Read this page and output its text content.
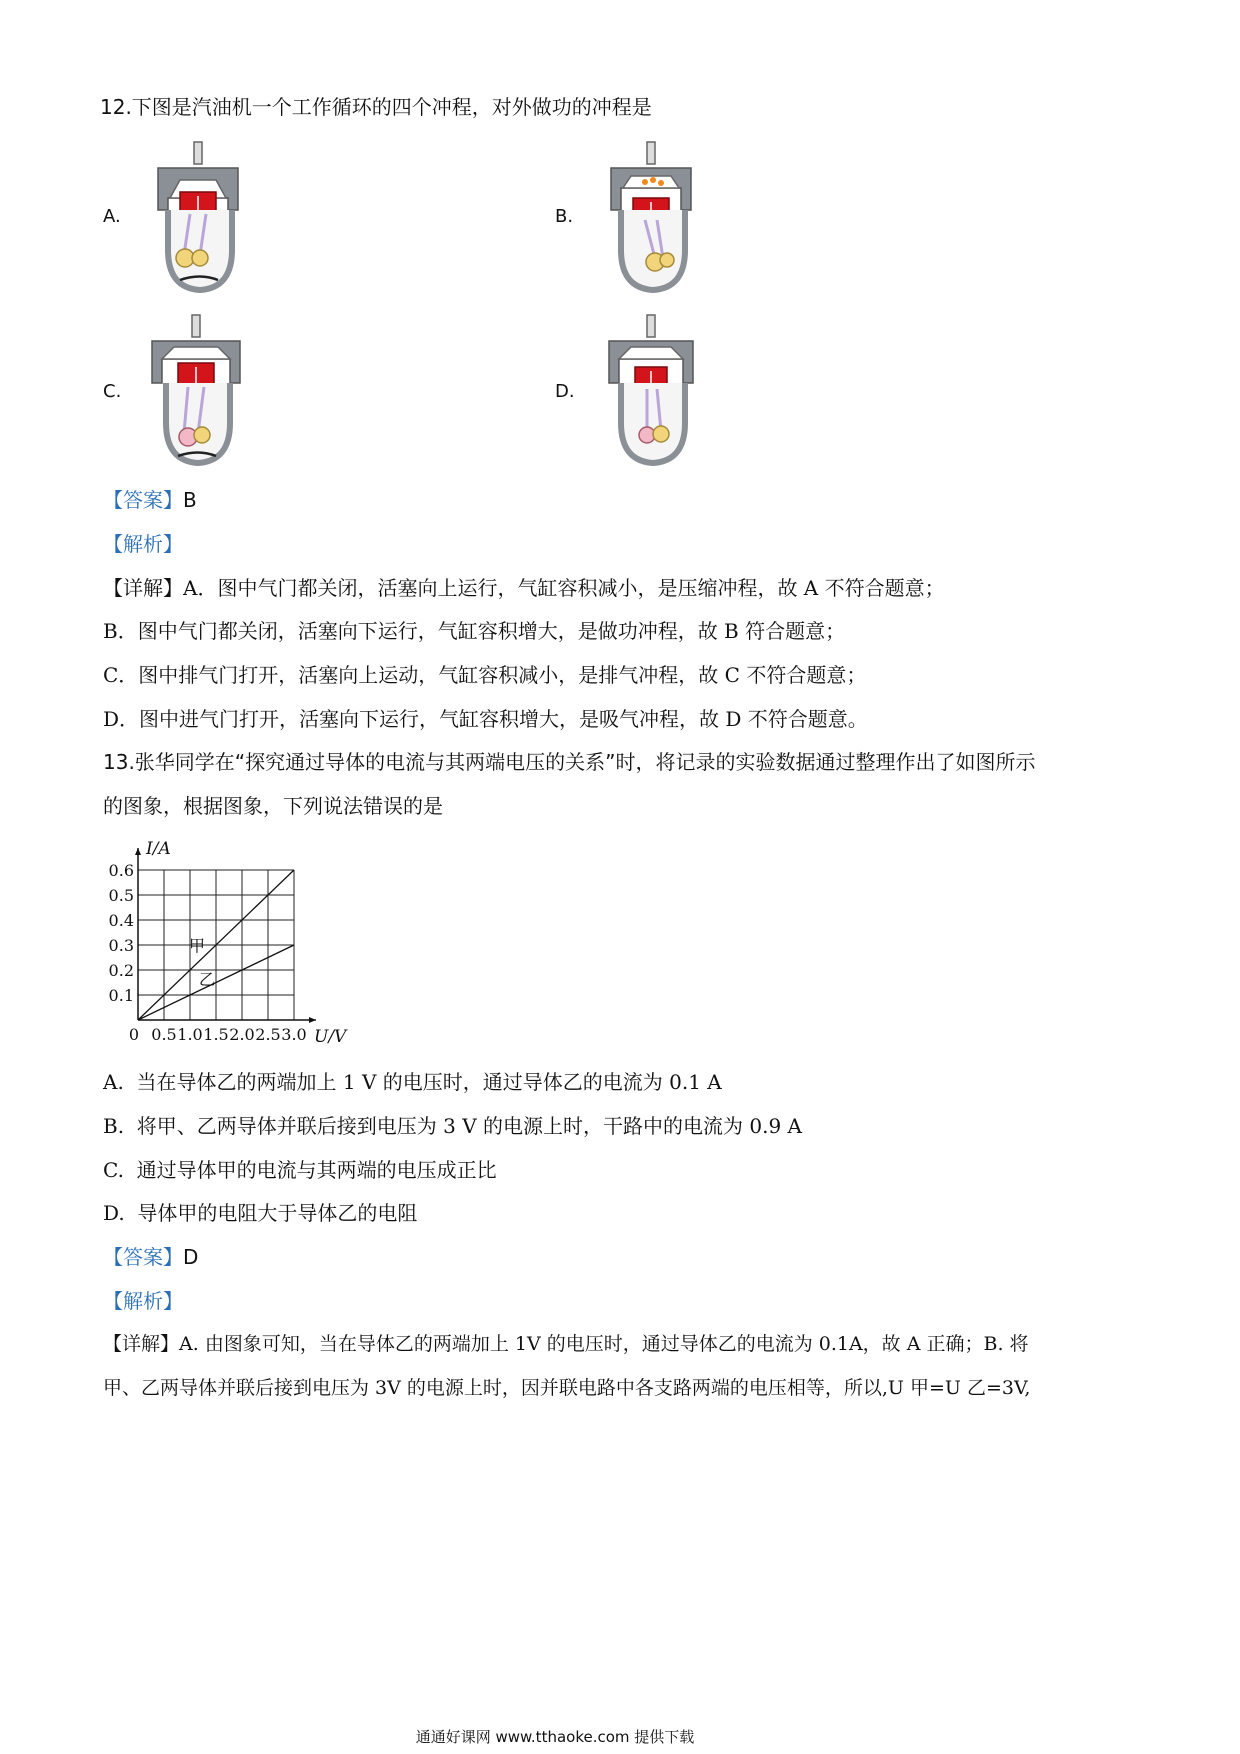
12.下图是汽油机一个工作循环的四个冲程，对外做功的冲程是
A.	B.
C.	D.
【答案】B
【解析】
【详解】A．图中气门都关闭，活塞向上运行，气缸容积减小，是压缩冲程，故 A 不符合题意；
B．图中气门都关闭，活塞向下运行，气缸容积增大，是做功冲程，故 B 符合题意；
C．图中排气门打开，活塞向上运动，气缸容积减小，是排气冲程，故 C 不符合题意；
D．图中进气门打开，活塞向下运行，气缸容积增大，是吸气冲程，故 D 不符合题意。
13.张华同学在“探究通过导体的电流与其两端电压的关系”时，将记录的实验数据通过整理作出了如图所示
的图象，根据图象，下列说法错误的是
0 0.5 1.0 1.5 2.0 2.5 3.0
0.1
0.2
0.3
0.4
0.5
0.6
I/A
U/V
甲
乙
A. 当在导体乙的两端加上 1 V 的电压时，通过导体乙的电流为 0.1 A
B. 将甲、乙两导体并联后接到电压为 3 V 的电源上时，干路中的电流为 0.9 A
C. 通过导体甲的电流与其两端的电压成正比
D. 导体甲的电阻大于导体乙的电阻
【答案】D
【解析】
【详解】A. 由图象可知，当在导体乙的两端加上 1V 的电压时，通过导体乙的电流为 0.1A，故 A 正确；B. 将
甲、乙两导体并联后接到电压为 3V 的电源上时，因并联电路中各支路两端的电压相等，所以,U 甲=U 乙=3V,
通通好课网 www.tthaoke.com 提供下载
